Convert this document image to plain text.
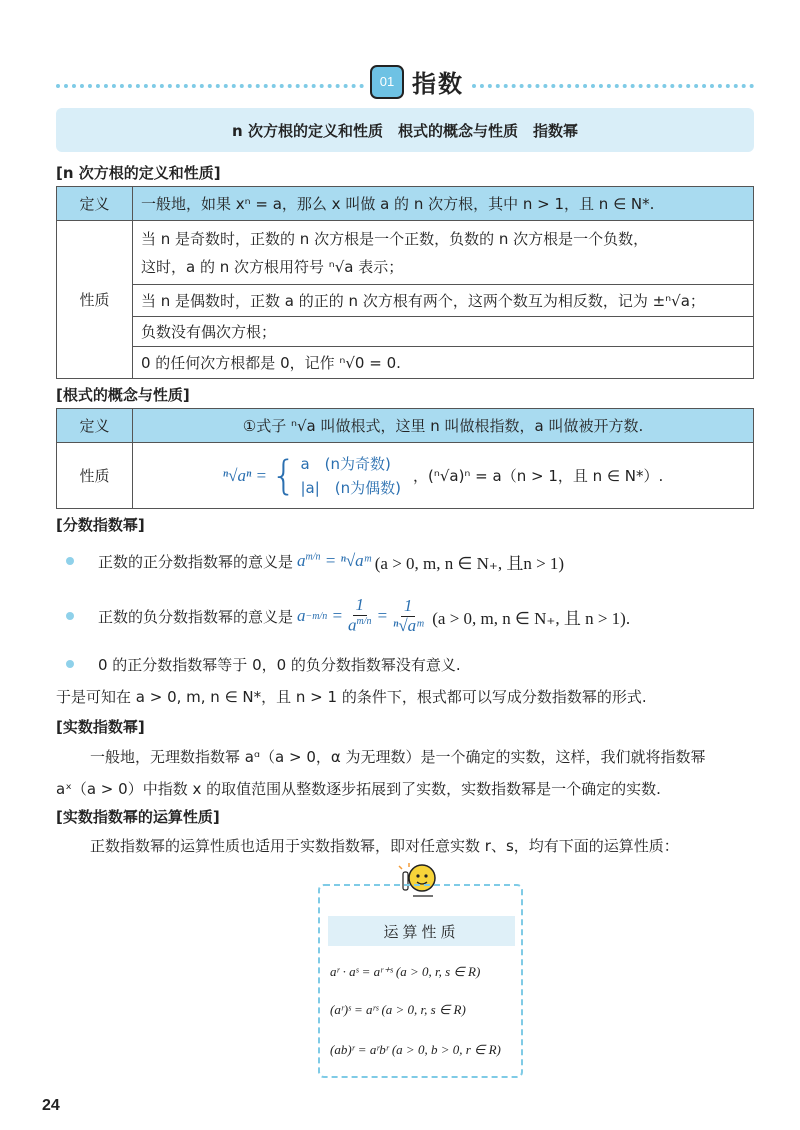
01 指数
n 次方根的定义和性质　根式的概念与性质　指数幂
[n 次方根的定义和性质]
定义	一般地，如果 xⁿ = a，那么 x 叫做 a 的 n 次方根，其中 n > 1，且 n ∈ N*.
性质	当 n 是奇数时，正数的 n 次方根是一个正数，负数的 n 次方根是一个负数，
这时，a 的 n 次方根用符号 ⁿ√a 表示；

	当 n 是偶数时，正数 a 的正的 n 次方根有两个，这两个数互为相反数，记为 ±ⁿ√a；
	负数没有偶次方根；
	0 的任何次方根都是 0，记作 ⁿ√0 = 0.
[根式的概念与性质]
定义	①式子 ⁿ√a 叫做根式，这里 n 叫做根指数，a 叫做被开方数.
性质	ⁿ√aⁿ = { a　(n为奇数)
|a|　(n为偶数)
，(ⁿ√a)ⁿ = a（n > 1，且 n ∈ N*）.
[分数指数幂]
正数的正分数指数幂的意义是 $a^{m/n}$ = ⁿ√aᵐ (a > 0, m, n ∈ N₊, 且n > 1)
正数的负分数指数幂的意义是 $a -m/n = \frac{1}{a^{m/n}} = \frac{1}{\text{ⁿ√aᵐ}} (a > 0$, m, n ∈ N₊, 且 n > 1).
0 的正分数指数幂等于 0，0 的负分数指数幂没有意义.
于是可知在 a > 0, m, n ∈ N*，且 n > 1 的条件下，根式都可以写成分数指数幂的形式.
[实数指数幂]
一般地，无理数指数幂 aᵅ（a > 0，α 为无理数）是一个确定的实数，这样，我们就将指数幂
aˣ（a > 0）中指数 x 的取值范围从整数逐步拓展到了实数，实数指数幂是一个确定的实数.
[实数指数幂的运算性质]
正数指数幂的运算性质也适用于实数指数幂，即对任意实数 r、s，均有下面的运算性质：
运算性质
aʳ · aˢ = aʳ⁺ˢ (a > 0, r, s ∈ R)
(aʳ)ˢ = aʳˢ (a > 0, r, s ∈ R)
(ab)ʳ = aʳbʳ (a > 0, b > 0, r ∈ R)
24
